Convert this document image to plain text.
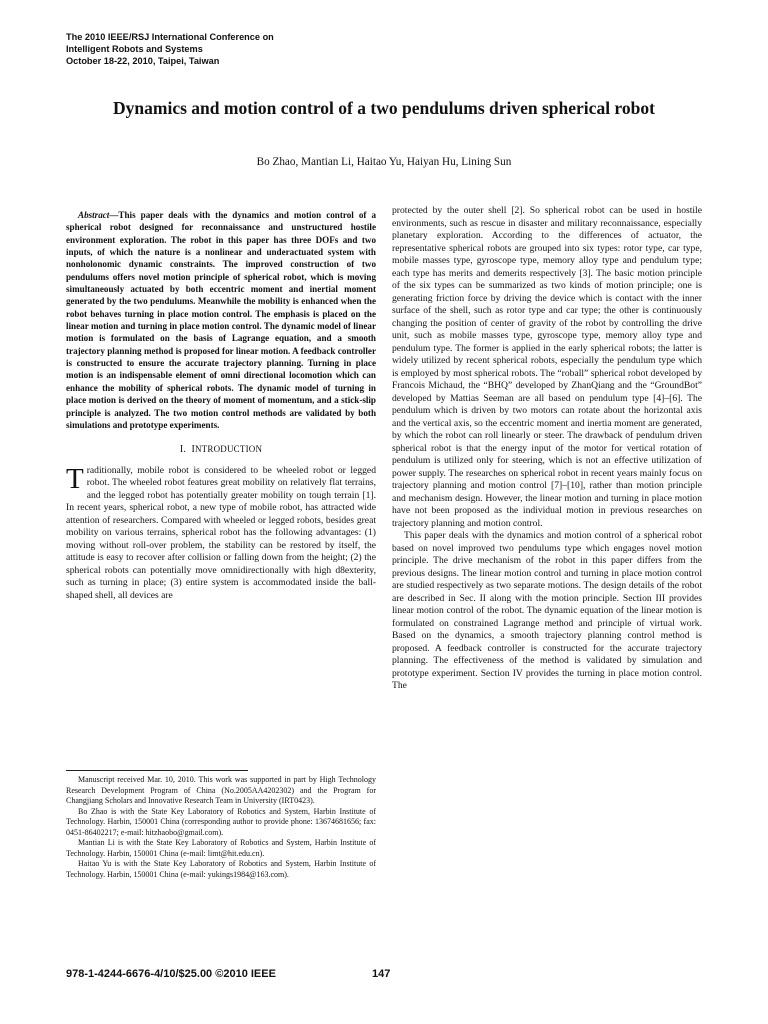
The 2010 IEEE/RSJ International Conference on
Intelligent Robots and Systems
October 18-22, 2010, Taipei, Taiwan
Dynamics and motion control of a two pendulums driven spherical robot
Bo Zhao, Mantian Li, Haitao Yu, Haiyan Hu, Lining Sun

Abstract—This paper deals with the dynamics and motion control of a spherical robot designed for reconnaissance and unstructured hostile environment exploration. The robot in this paper has three DOFs and two inputs, of which the nature is a nonlinear and underactuated system with nonholonomic dynamic constraints. The improved construction of two pendulums offers novel motion principle of spherical robot, which is moving simultaneously actuated by both eccentric moment and inertial moment generated by the two pendulums. Meanwhile the mobility is enhanced when the robot behaves turning in place motion control. The emphasis is placed on the linear motion and turning in place motion control. The dynamic model of linear motion is formulated on the basis of Lagrange equation, and a smooth trajectory planning method is proposed for linear motion. A feedback controller is constructed to ensure the accurate trajectory planning. Turning in place motion is an indispensable element of omni directional locomotion which can enhance the mobility of spherical robots. The dynamic model of turning in place motion is derived on the theory of moment of momentum, and a stick-slip principle is analyzed. The two motion control methods are validated by both simulations and prototype experiments.

I. INTRODUCTION

Traditionally, mobile robot is considered to be wheeled robot or legged robot. The wheeled robot features great mobility on relatively flat terrains, and the legged robot has potentially greater mobility on tough terrain [1]. In recent years, spherical robot, a new type of mobile robot, has attracted wide attention of researchers. Compared with wheeled or legged robots, besides great mobility on various terrains, spherical robot has the following advantages: (1) moving without roll-over problem, the stability can be restored by itself, the attitude is easy to recover after collision or falling down from the height; (2) the spherical robots can potentially move omnidirectionally with high d8exterity, such as turning in place; (3) entire system is accommodated inside the ball-shaped shell, all devices are

Manuscript received Mar. 10, 2010. This work was supported in part by High Technology Research Development Program of China (No.2005AA4202302) and the Program for Changjiang Scholars and Innovative Research Team in University (IRT0423).

Bo Zhao is with the State Key Laboratory of Robotics and System, Harbin Institute of Technology. Harbin, 150001 China (corresponding author to provide phone: 13674681656; fax: 0451-86402217; e-mail: hitzhaobo@gmail.com).

Mantian Li is with the State Key Laboratory of Robotics and System, Harbin Institute of Technology. Harbin, 150001 China (e-mail: limt@hit.edu.cn).

Haitao Yu is with the State Key Laboratory of Robotics and System, Harbin Institute of Technology. Harbin, 150001 China (e-mail: yukings1984@163.com).

protected by the outer shell [2]. So spherical robot can be used in hostile environments, such as rescue in disaster and military reconnaissance, especially planetary exploration. According to the differences of actuator, the representative spherical robots are grouped into six types: rotor type, car type, mobile masses type, gyroscope type, memory alloy type and pendulum type; each type has merits and demerits respectively [3]. The basic motion principle of the six types can be summarized as two kinds of motion principle; one is generating friction force by driving the device which is contact with the inner surface of the shell, such as rotor type and car type; the other is continuously changing the position of center of gravity of the robot by controlling the drive unit, such as mobile masses type, gyroscope type, memory alloy type and pendulum type. The former is applied in the early spherical robots; the latter is widely utilized by recent spherical robots, especially the pendulum type which is employed by most spherical robots. The “roball” spherical robot developed by Francois Michaud, the “BHQ” developed by ZhanQiang and the “GroundBot” developed by Mattias Seeman are all based on pendulum type [4]–[6]. The pendulum which is driven by two motors can rotate about the horizontal axis and the vertical axis, so the eccentric moment and inertia moment are generated, by which the robot can roll linearly or steer. The drawback of pendulum driven spherical robot is that the energy input of the motor for vertical rotation of pendulum is utilized only for steering, which is not an effective utilization of power supply. The researches on spherical robot in recent years mainly focus on trajectory planning and motion control [7]–[10], rather than motion principle and mechanism design. However, the linear motion and turning in place motion have not been proposed as the individual motion in previous researches on trajectory planning and motion control.

This paper deals with the dynamics and motion control of a spherical robot based on novel improved two pendulums type which engages novel motion principle. The drive mechanism of the robot in this paper differs from the previous designs. The linear motion control and turning in place motion control are studied respectively as two separate motions. The design details of the robot are described in Sec. II along with the motion principle. Section III provides linear motion control of the robot. The dynamic equation of the linear motion is formulated on constrained Lagrange method and principle of virtual work. Based on the dynamics, a smooth trajectory planning control method is proposed. A feedback controller is constructed for the accurate trajectory planning. The effectiveness of the method is validated by simulation and prototype experiment. Section IV provides the turning in place motion control. The

978-1-4244-6676-4/10/$25.00 ©2010 IEEE	147
